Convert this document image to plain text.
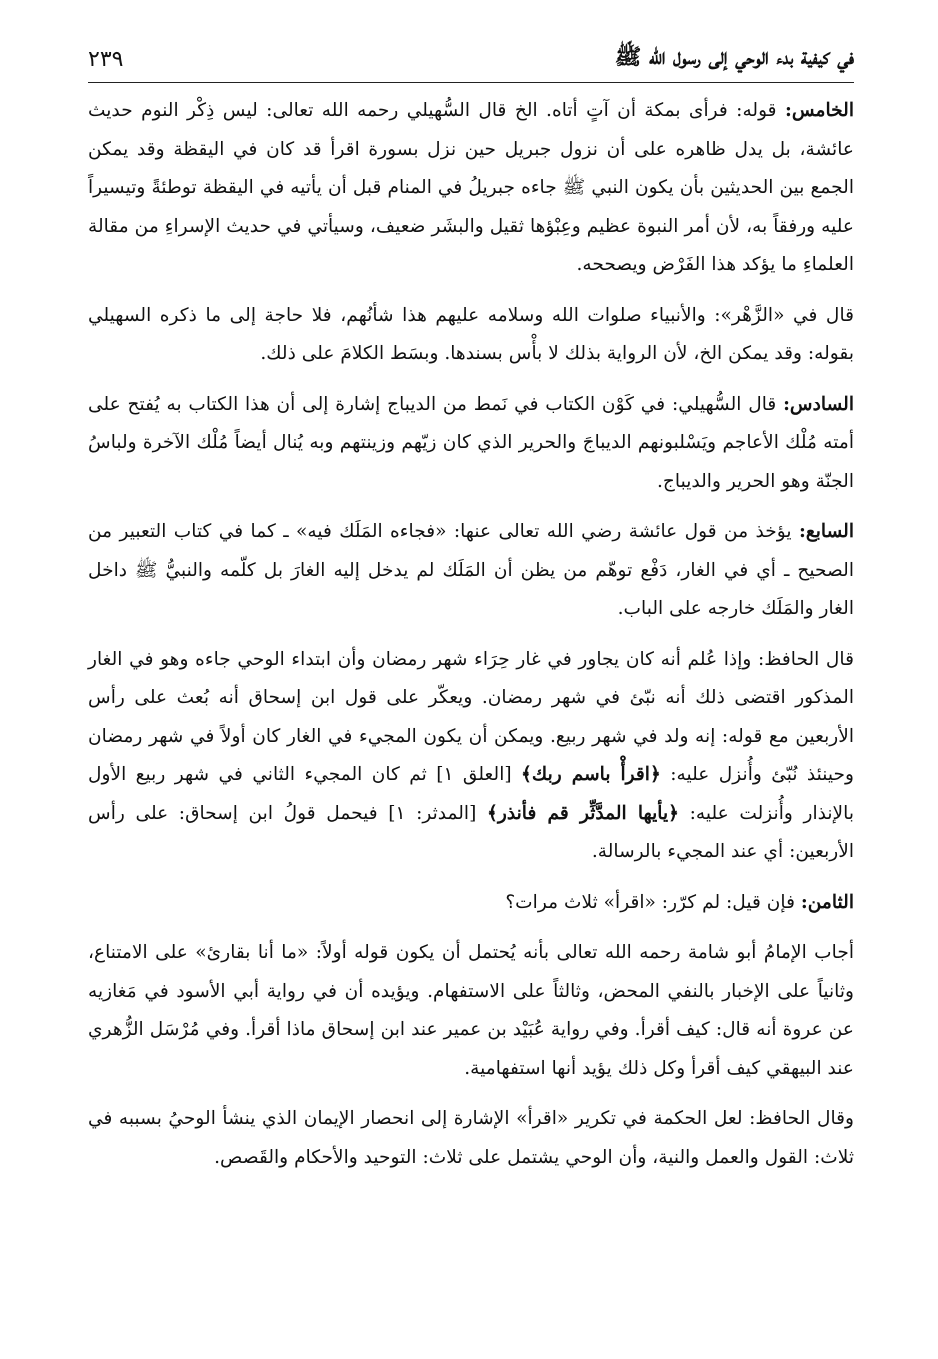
في كيفية بدء الوحي إلى رسول الله ﷺ
٢٣٩

الخامس: قوله: فرأى بمكة أن آتٍ أتاه. الخ قال السُّهيلي رحمه الله تعالى: ليس ذِكْر النوم حديث عائشة، بل يدل ظاهره على أن نزول جبريل حين نزل بسورة اقرأ قد كان في اليقظة وقد يمكن الجمع بين الحديثين بأن يكون النبي ﷺ جاءه جبريلُ في المنام قبل أن يأتيه في اليقظة توطئةً وتيسيراً عليه ورفقاً به، لأن أمر النبوة عظيم وعِبْؤها ثقيل والبشَر ضعيف، وسيأتي في حديث الإسراءِ من مقالة العلماءِ ما يؤكد هذا الفَرْض ويصححه.

قال في «الزَّهْر»: والأنبياء صلوات الله وسلامه عليهم هذا شأنُهم، فلا حاجة إلى ما ذكره السهيلي بقوله: وقد يمكن الخ، لأن الرواية بذلك لا بأْس بسندها. وبسَط الكلامَ على ذلك.

السادس: قال السُّهيلي: في كَوْن الكتاب في نَمط من الديباج إشارة إلى أن هذا الكتاب به يُفتح على أمته مُلْك الأعاجم ويَسْلبونهم الديباجَ والحرير الذي كان زيّهم وزينتهم وبه يُنال أيضاً مُلْك الآخرة ولباسُ الجنّة وهو الحرير والديباج.

السابع: يؤخذ من قول عائشة رضي الله تعالى عنها: «فجاءه المَلَك فيه» ـ كما في كتاب التعبير من الصحيح ـ أي في الغار، دَفْع توهّم من يظن أن المَلَك لم يدخل إليه الغارَ بل كلّمه والنبيُّ ﷺ داخل الغار والمَلَك خارجه على الباب.

قال الحافظ: وإذا عُلم أنه كان يجاور في غار حِرَاء شهر رمضان وأن ابتداء الوحي جاءه وهو في الغار المذكور اقتضى ذلك أنه نبّئ في شهر رمضان. ويعكّر على قول ابن إسحاق أنه بُعث على رأس الأربعين مع قوله: إنه ولد في شهر ربيع. ويمكن أن يكون المجيء في الغار كان أولاً في شهر رمضان وحينئذ نُبّئ وأُنزل عليه: ﴿اقرأْ باسم ربك﴾ [العلق ١] ثم كان المجيء الثاني في شهر ربيع الأول بالإنذار وأُنزلت عليه: ﴿يأيها المدَّثِّر قم فأنذر﴾ [المدثر: ١] فيحمل قولُ ابن إسحاق: على رأس الأربعين: أي عند المجيء بالرسالة.

الثامن: فإن قيل: لم كرّر: «اقرأ» ثلاث مرات؟

أجاب الإمامُ أبو شامة رحمه الله تعالى بأنه يُحتمل أن يكون قوله أولاً: «ما أنا بقارئ» على الامتناع، وثانياً على الإخبار بالنفي المحض، وثالثاً على الاستفهام. ويؤيده أن في رواية أبي الأسود في مَغازيه عن عروة أنه قال: كيف أقرأ. وفي رواية عُبَيْد بن عمير عند ابن إسحاق ماذا أقرأ. وفي مُرْسَل الزُّهري عند البيهقي كيف أقرأ وكل ذلك يؤيد أنها استفهامية.

وقال الحافظ: لعل الحكمة في تكرير «اقرأ» الإشارة إلى انحصار الإيمان الذي ينشأ الوحيُ بسببه في ثلاث: القول والعمل والنية، وأن الوحي يشتمل على ثلاث: التوحيد والأحكام والقَصص.
